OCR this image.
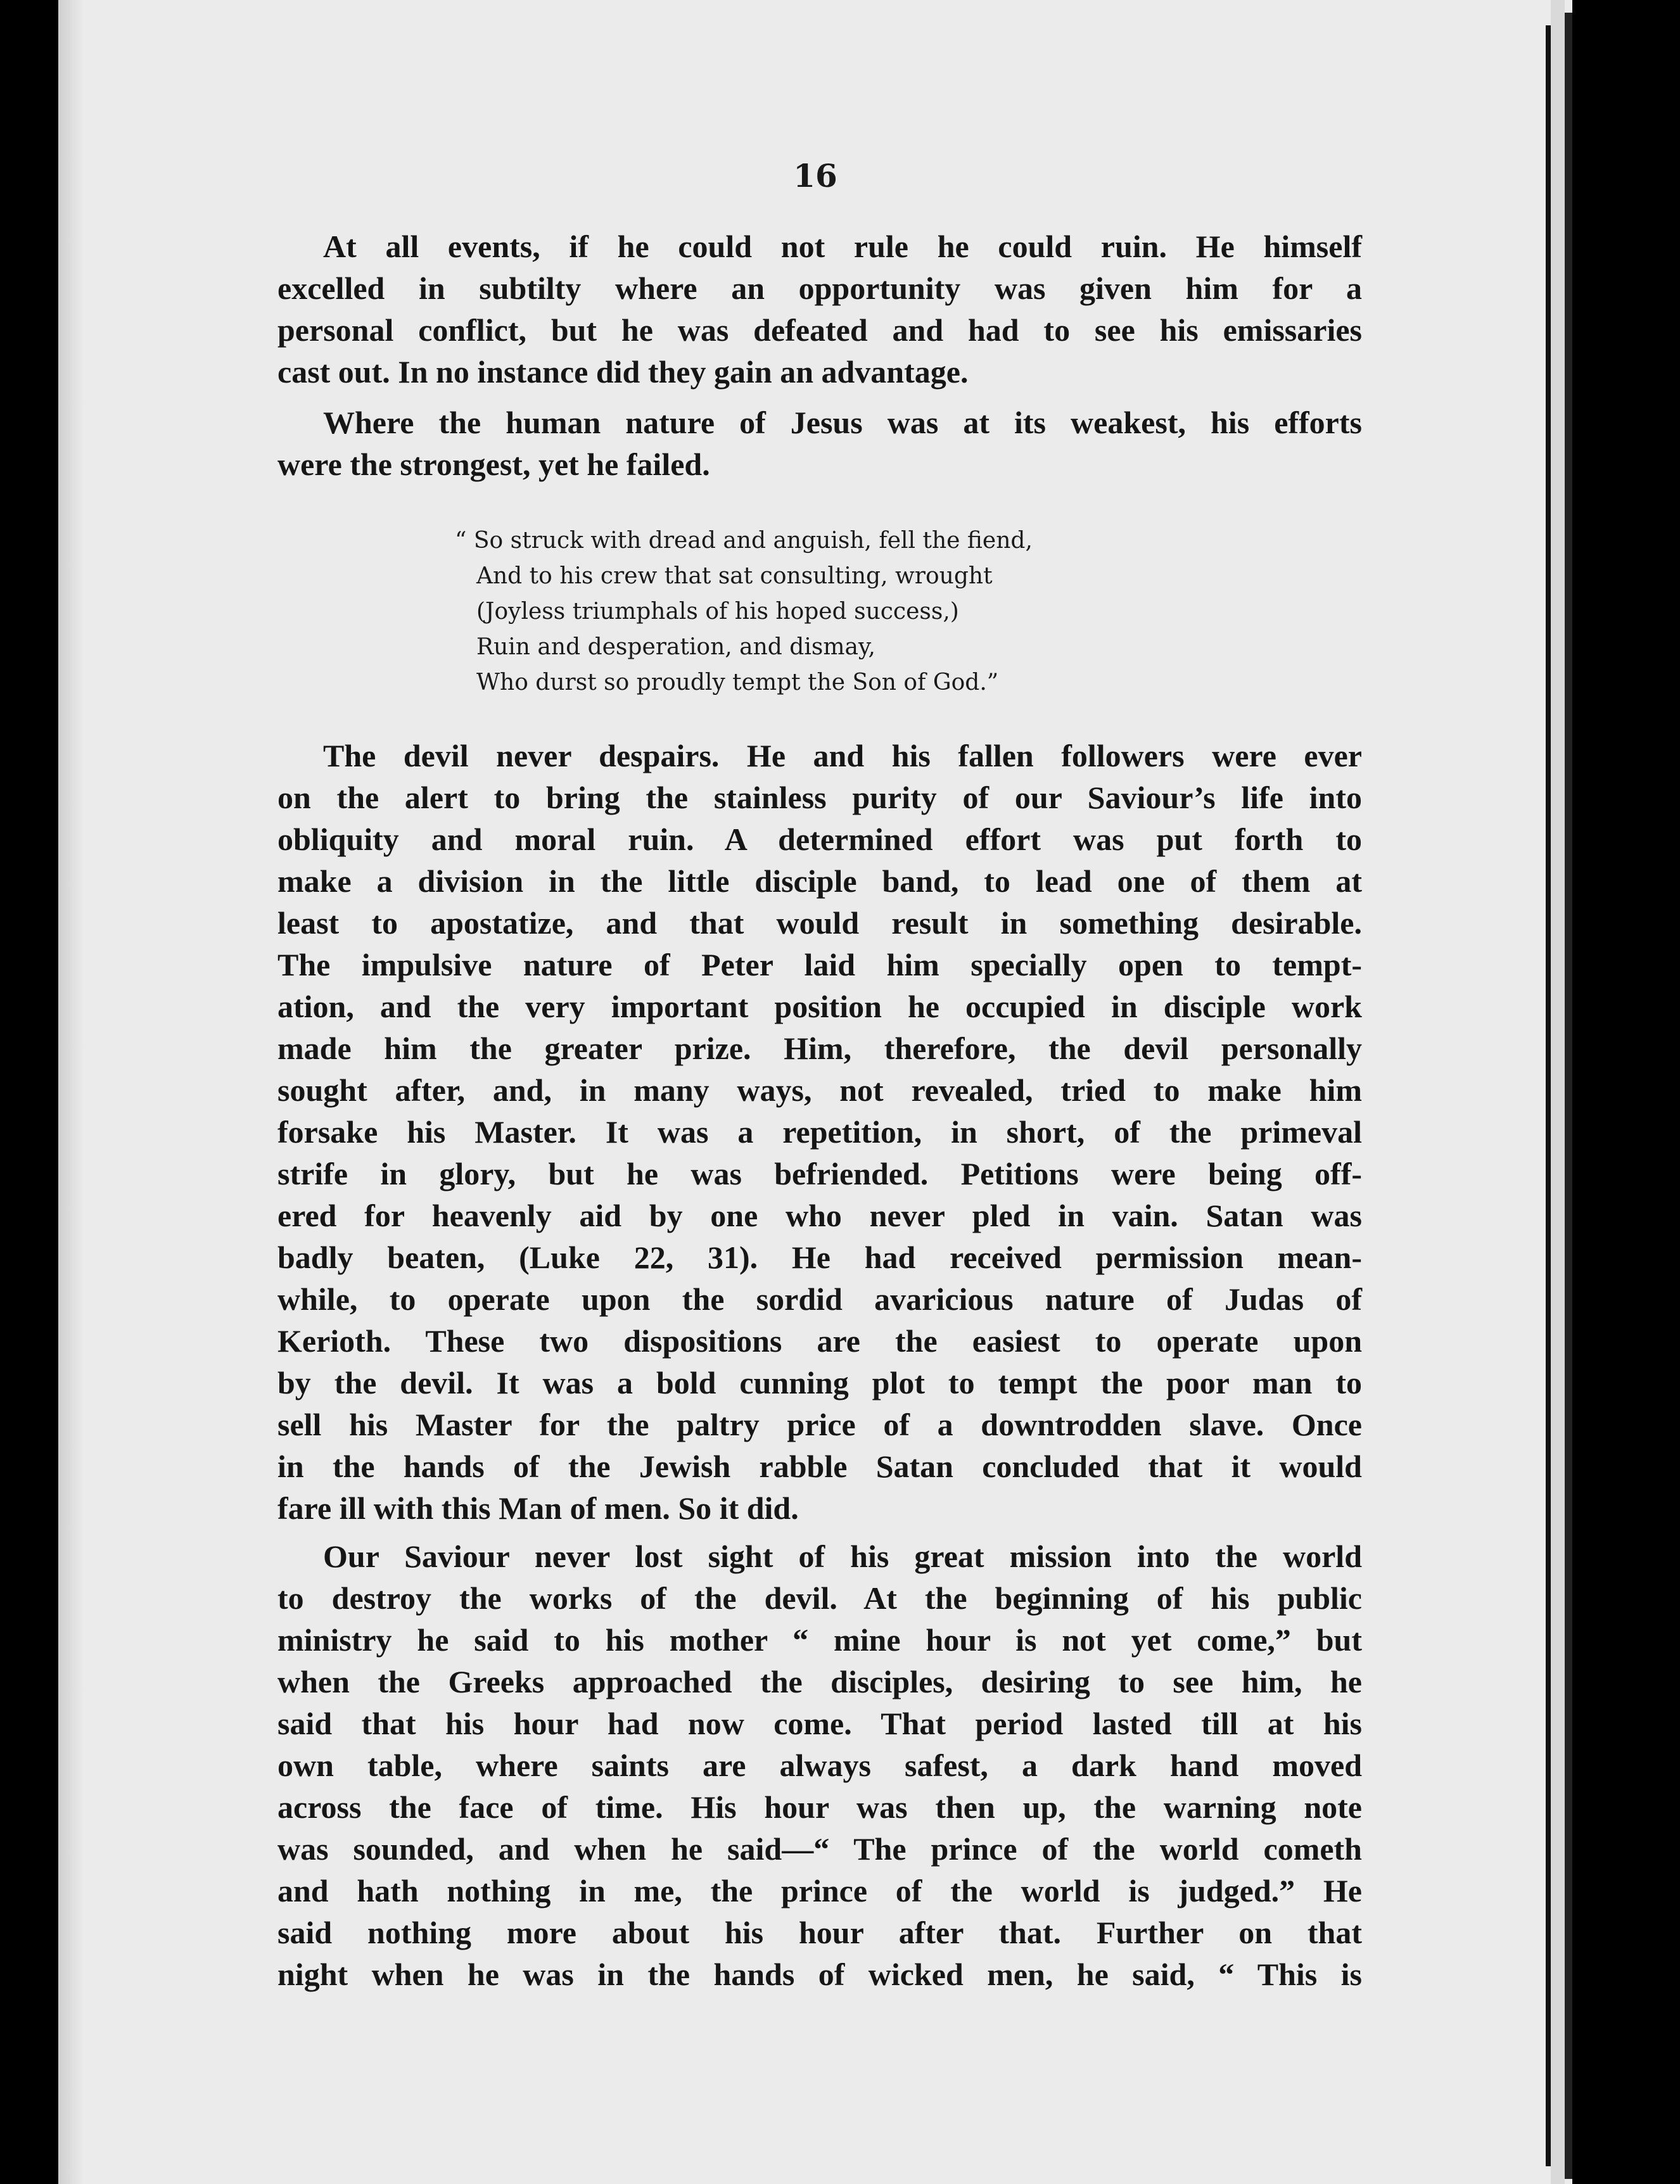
16
At all events, if he could not rule he could ruin. He himself
excelled in subtilty where an opportunity was given him for a
personal conflict, but he was defeated and had to see his emissaries
cast out. In no instance did they gain an advantage.
Where the human nature of Jesus was at its weakest, his efforts
were the strongest, yet he failed.
The devil never despairs. He and his fallen followers were ever
on the alert to bring the stainless purity of our Saviour’s life into
obliquity and moral ruin. A determined effort was put forth to
make a division in the little disciple band, to lead one of them at
least to apostatize, and that would result in something desirable.
The impulsive nature of Peter laid him specially open to tempt-
ation, and the very important position he occupied in disciple work
made him the greater prize. Him, therefore, the devil personally
sought after, and, in many ways, not revealed, tried to make him
forsake his Master. It was a repetition, in short, of the primeval
strife in glory, but he was befriended. Petitions were being off-
ered for heavenly aid by one who never pled in vain. Satan was
badly beaten, (Luke 22, 31). He had received permission mean-
while, to operate upon the sordid avaricious nature of Judas of
Kerioth. These two dispositions are the easiest to operate upon
by the devil. It was a bold cunning plot to tempt the poor man to
sell his Master for the paltry price of a downtrodden slave. Once
in the hands of the Jewish rabble Satan concluded that it would
fare ill with this Man of men. So it did.
Our Saviour never lost sight of his great mission into the world
to destroy the works of the devil. At the beginning of his public
ministry he said to his mother “ mine hour is not yet come,” but
when the Greeks approached the disciples, desiring to see him, he
said that his hour had now come. That period lasted till at his
own table, where saints are always safest, a dark hand moved
across the face of time. His hour was then up, the warning note
was sounded, and when he said—“ The prince of the world cometh
and hath nothing in me, the prince of the world is judged.” He
said nothing more about his hour after that. Further on that
night when he was in the hands of wicked men, he said, “ This is
“ So struck with dread and anguish, fell the fiend,
And to his crew that sat consulting, wrought
(Joyless triumphals of his hoped success,)
Ruin and desperation, and dismay,
Who durst so proudly tempt the Son of God.”
